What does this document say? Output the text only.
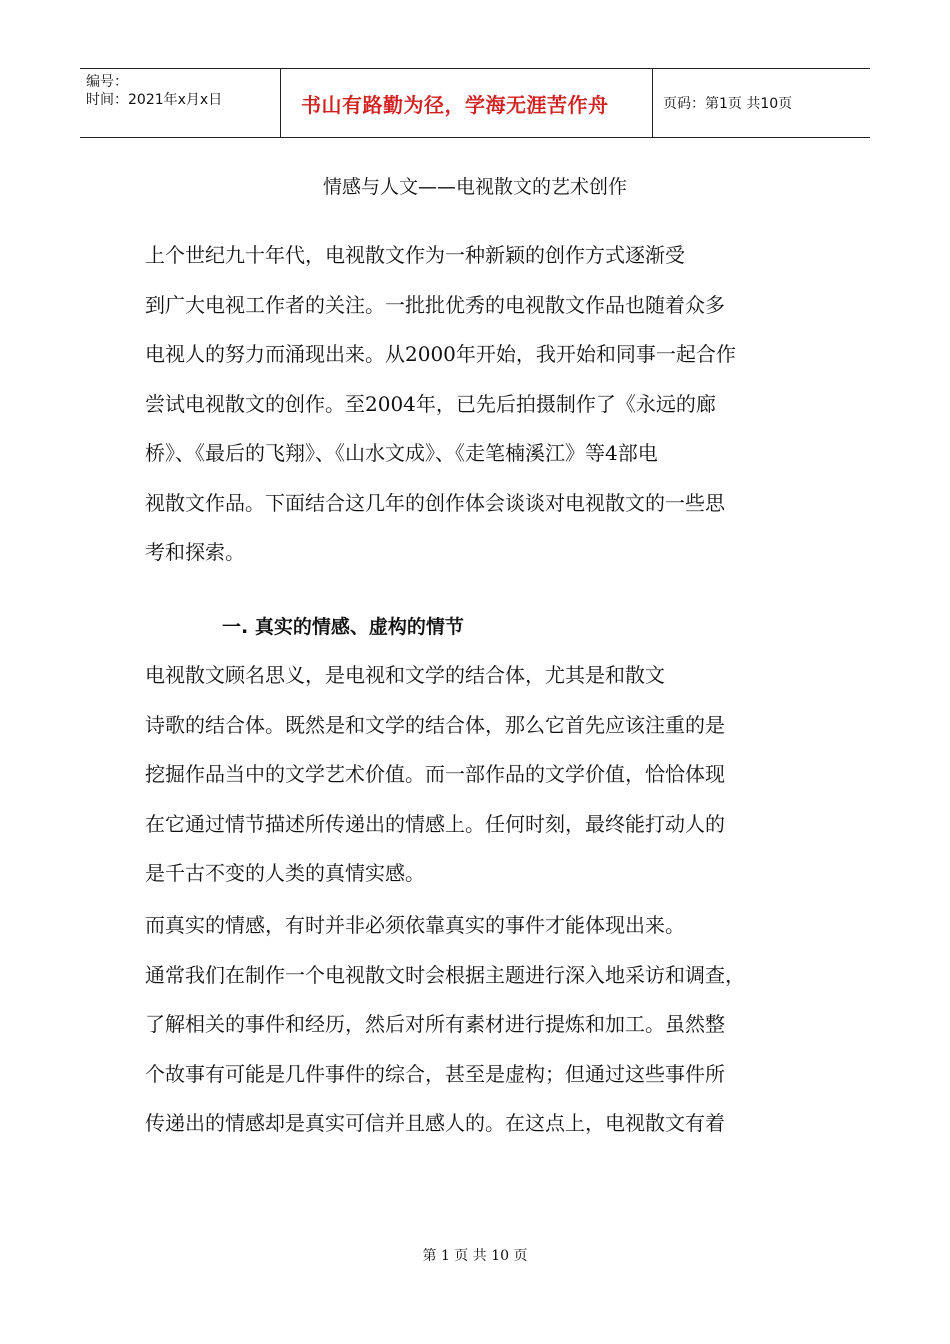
编号：
时间：2021年x月x日	书山有路勤为径，学海无涯苦作舟	页码：第1页 共10页
情感与人文——电视散文的艺术创作
上个世纪九十年代，电视散文作为一种新颖的创作方式逐渐受
到广大电视工作者的关注。一批批优秀的电视散文作品也随着众多
电视人的努力而涌现出来。从2000年开始，我开始和同事一起合作
尝试电视散文的创作。至2004年，已先后拍摄制作了《永远的廊
桥》、《最后的飞翔》、《山水文成》、《走笔楠溪江》等4部电
视散文作品。下面结合这几年的创作体会谈谈对电视散文的一些思
考和探索。
一. 真实的情感、虚构的情节
电视散文顾名思义，是电视和文学的结合体，尤其是和散文
诗歌的结合体。既然是和文学的结合体，那么它首先应该注重的是
挖掘作品当中的文学艺术价值。而一部作品的文学价值，恰恰体现
在它通过情节描述所传递出的情感上。任何时刻，最终能打动人的
是千古不变的人类的真情实感。
而真实的情感，有时并非必须依靠真实的事件才能体现出来。
通常我们在制作一个电视散文时会根据主题进行深入地采访和调查，
了解相关的事件和经历，然后对所有素材进行提炼和加工。虽然整
个故事有可能是几件事件的综合，甚至是虚构；但通过这些事件所
传递出的情感却是真实可信并且感人的。在这点上，电视散文有着
第 1 页 共 10 页
